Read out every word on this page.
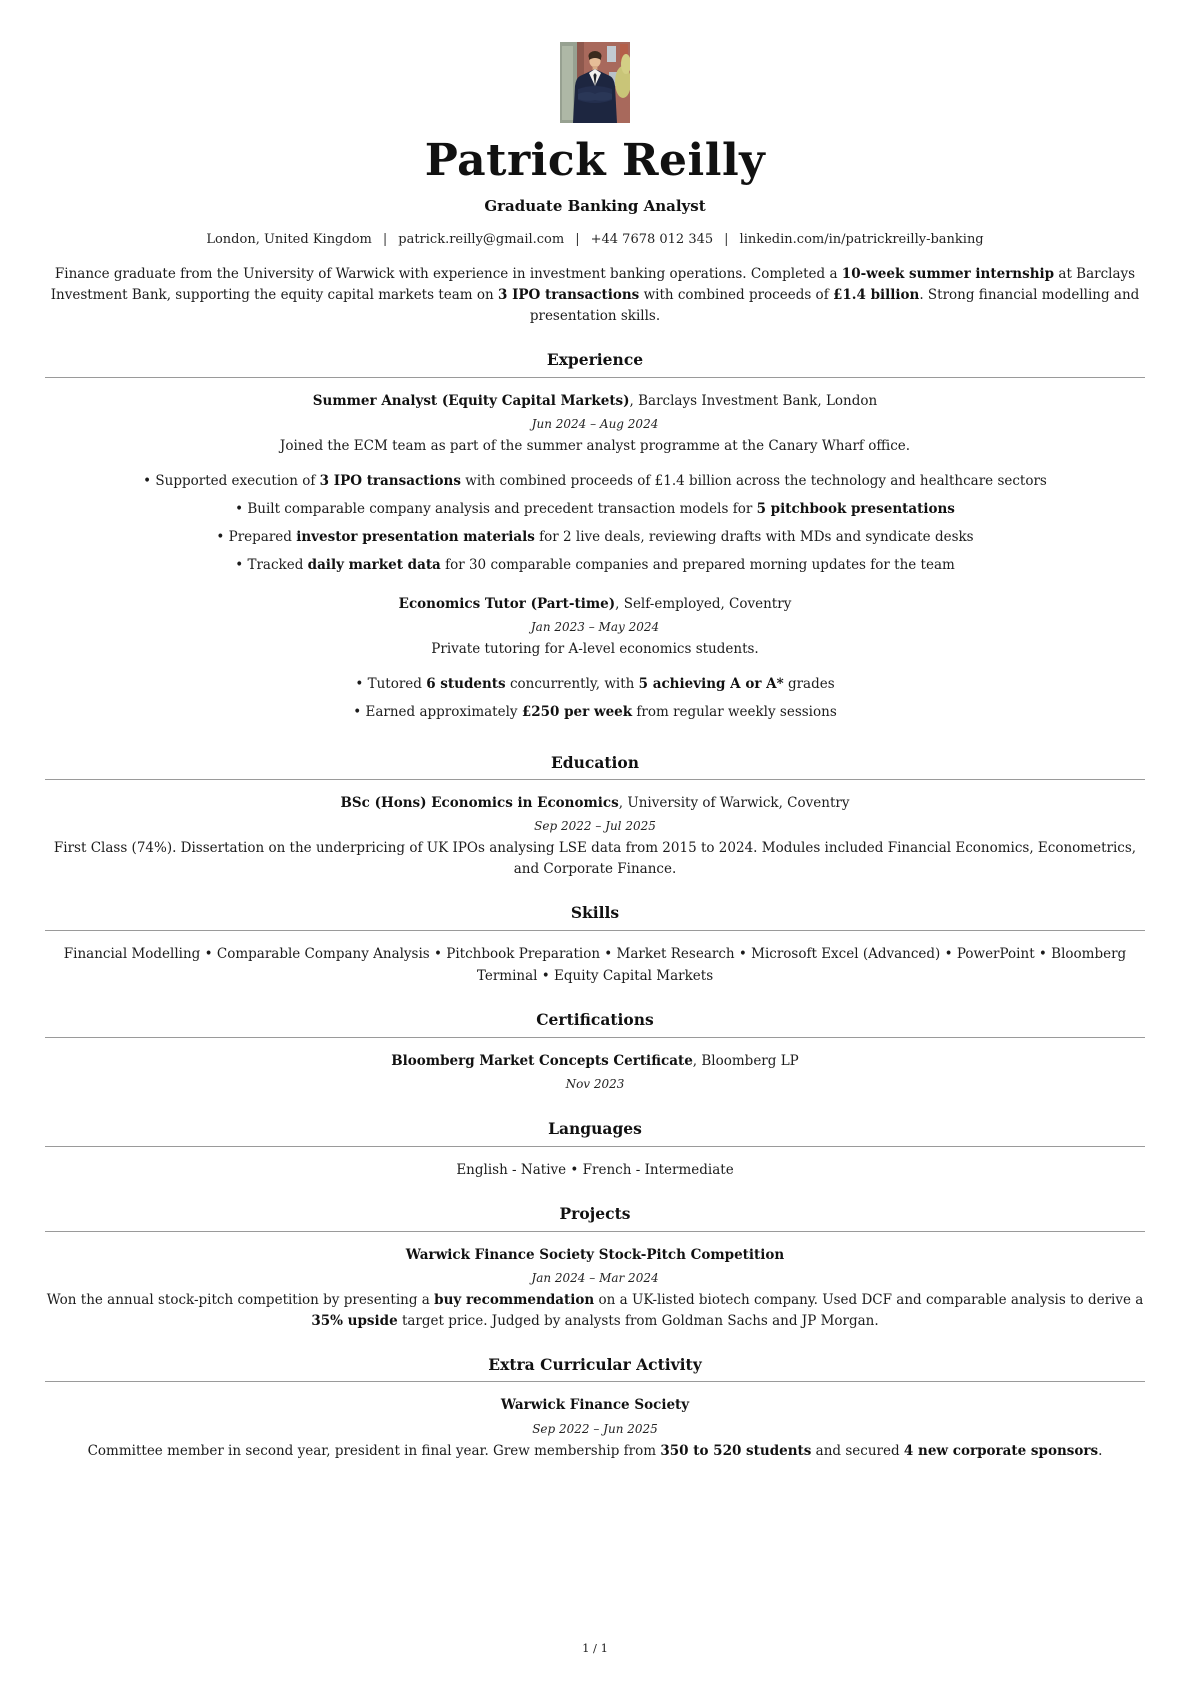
Patrick Reilly
Graduate Banking Analyst
London, United Kingdom | patrick.reilly@gmail.com | +44 7678 012 345 | linkedin.com/in/patrickreilly-banking

Finance graduate from the University of Warwick with experience in investment banking operations. Completed a 10-week summer internship at Barclays Investment Bank, supporting the equity capital markets team on 3 IPO transactions with combined proceeds of £1.4 billion. Strong financial modelling and presentation skills.

Experience
Summer Analyst (Equity Capital Markets), Barclays Investment Bank, London
Jun 2024 – Aug 2024
Joined the ECM team as part of the summer analyst programme at the Canary Wharf office.
• Supported execution of 3 IPO transactions with combined proceeds of £1.4 billion across the technology and healthcare sectors
• Built comparable company analysis and precedent transaction models for 5 pitchbook presentations
• Prepared investor presentation materials for 2 live deals, reviewing drafts with MDs and syndicate desks
• Tracked daily market data for 30 comparable companies and prepared morning updates for the team
Economics Tutor (Part-time), Self-employed, Coventry
Jan 2023 – May 2024
Private tutoring for A-level economics students.
• Tutored 6 students concurrently, with 5 achieving A or A* grades
• Earned approximately £250 per week from regular weekly sessions
Education
BSc (Hons) Economics in Economics, University of Warwick, Coventry
Sep 2022 – Jul 2025
First Class (74%). Dissertation on the underpricing of UK IPOs analysing LSE data from 2015 to 2024. Modules included Financial Economics, Econometrics, and Corporate Finance.
Skills

Financial Modelling • Comparable Company Analysis • Pitchbook Preparation • Market Research • Microsoft Excel (Advanced) • PowerPoint • Bloomberg Terminal • Equity Capital Markets

Certifications
Bloomberg Market Concepts Certificate, Bloomberg LP
Nov 2023
Languages

English - Native • French - Intermediate

Projects
Warwick Finance Society Stock-Pitch Competition
Jan 2024 – Mar 2024
Won the annual stock-pitch competition by presenting a buy recommendation on a UK-listed biotech company. Used DCF and comparable analysis to derive a 35% upside target price. Judged by analysts from Goldman Sachs and JP Morgan.
Extra Curricular Activity
Warwick Finance Society
Sep 2022 – Jun 2025
Committee member in second year, president in final year. Grew membership from 350 to 520 students and secured 4 new corporate sponsors.
1 / 1
